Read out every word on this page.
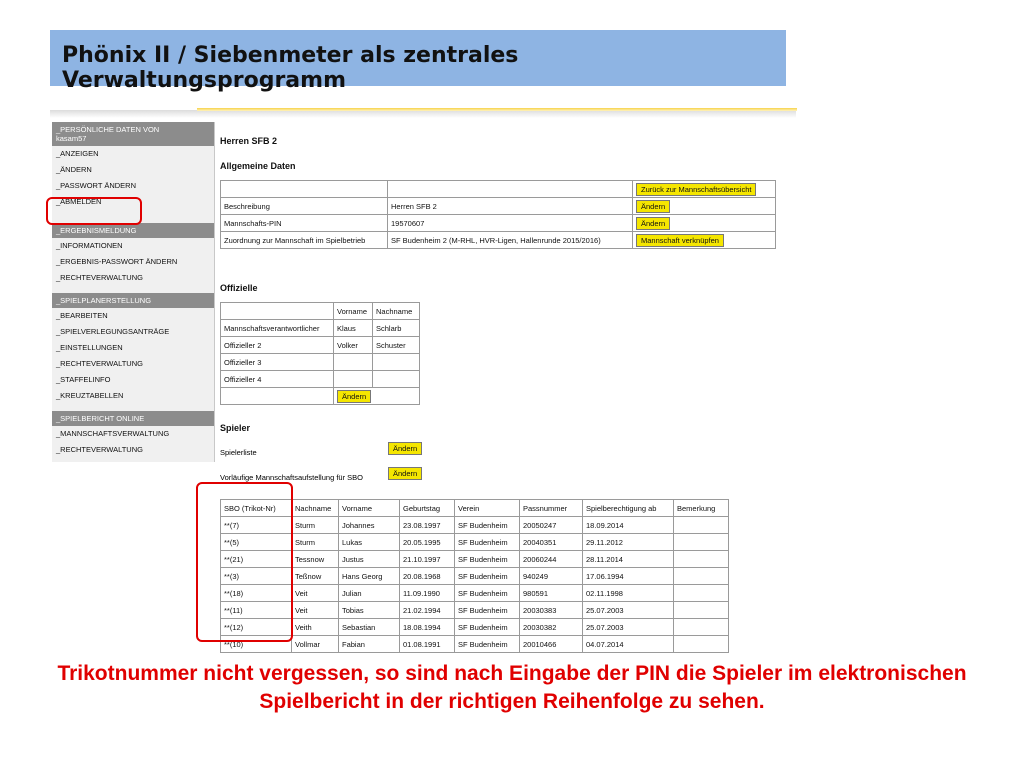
Phönix II / Siebenmeter als zentrales Verwaltungsprogramm
_PERSÖNLICHE DATEN VON
kasam57
_ANZEIGEN
_ÄNDERN
_PASSWORT ÄNDERN
_ABMELDEN
_ERGEBNISMELDUNG
_INFORMATIONEN
_ERGEBNIS-PASSWORT ÄNDERN
_RECHTEVERWALTUNG
_SPIELPLANERSTELLUNG
_BEARBEITEN
_SPIELVERLEGUNGSANTRÄGE
_EINSTELLUNGEN
_RECHTEVERWALTUNG
_STAFFELINFO
_KREUZTABELLEN
_SPIELBERICHT ONLINE
_MANNSCHAFTSVERWALTUNG
_RECHTEVERWALTUNG
Herren SFB 2
Allgemeine Daten
		Zurück zur Mannschaftsübersicht
Beschreibung	Herren SFB 2	Ändern
Mannschafts-PIN	19570607	Ändern
Zuordnung zur Mannschaft im Spielbetrieb	SF Budenheim 2 (M-RHL, HVR-Ligen, Hallenrunde 2015/2016)	Mannschaft verknüpfen
Offizielle
	Vorname	Nachname
Mannschaftsverantwortlicher	Klaus	Schlarb
Offizieller 2	Volker	Schuster
Offizieller 3		
Offizieller 4		
	Ändern	
Spieler
Spielerliste	Ändern
Vorläufige Mannschaftsaufstellung für SBO	Ändern
SBO (Trikot-Nr)	Nachname	Vorname	Geburtstag	Verein	Passnummer	Spielberechtigung ab	Bemerkung
**(7)	Sturm	Johannes	23.08.1997	SF Budenheim	20050247	18.09.2014	
**(5)	Sturm	Lukas	20.05.1995	SF Budenheim	20040351	29.11.2012	
**(21)	Tessnow	Justus	21.10.1997	SF Budenheim	20060244	28.11.2014	
**(3)	Teßnow	Hans Georg	20.08.1968	SF Budenheim	940249	17.06.1994	
**(18)	Veit	Julian	11.09.1990	SF Budenheim	980591	02.11.1998	
**(11)	Veit	Tobias	21.02.1994	SF Budenheim	20030383	25.07.2003	
**(12)	Veith	Sebastian	18.08.1994	SF Budenheim	20030382	25.07.2003	
**(10)	Vollmar	Fabian	01.08.1991	SF Budenheim	20010466	04.07.2014	
Trikotnummer nicht vergessen, so sind nach Eingabe der PIN die Spieler im elektronischen Spielbericht in der richtigen Reihenfolge zu sehen.
